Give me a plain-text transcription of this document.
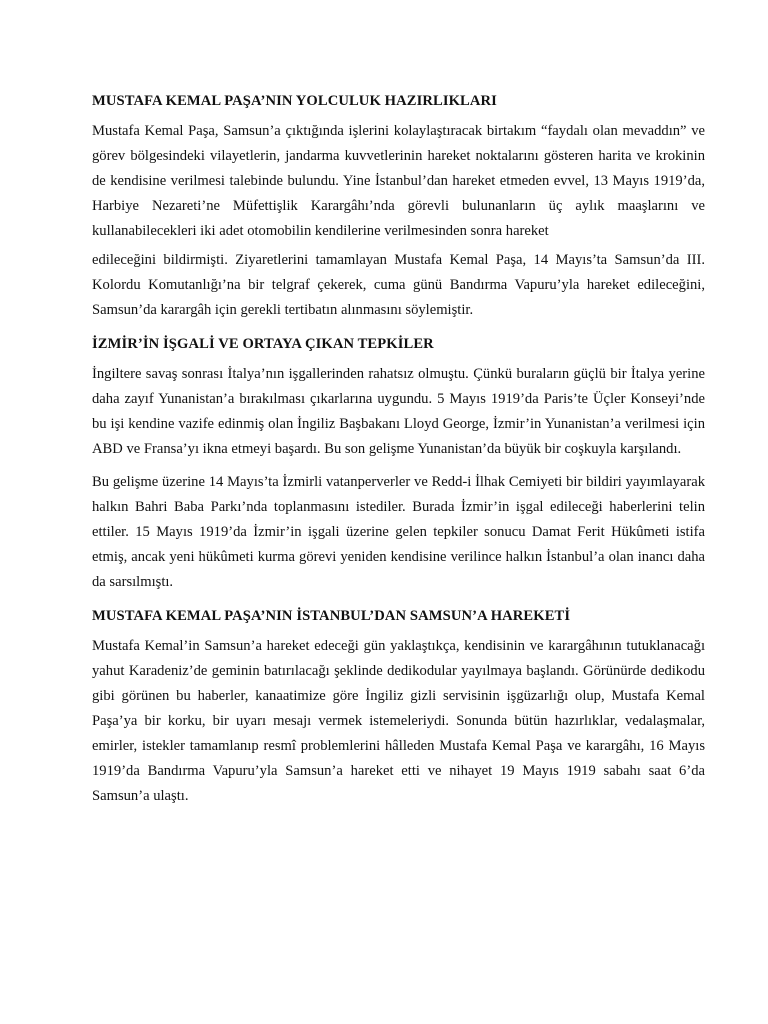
MUSTAFA KEMAL PAŞA’NIN YOLCULUK HAZIRLIKLARI

Mustafa Kemal Paşa, Samsun’a çıktığında işlerini kolaylaştıracak birtakım “faydalı olan mevaddın” ve görev bölgesindeki vilayetlerin, jandarma kuvvetlerinin hareket noktalarını gösteren harita ve krokinin de kendisine verilmesi talebinde bulundu. Yine İstanbul’dan hareket etmeden evvel, 13 Mayıs 1919’da, Harbiye Nezareti’ne Müfettişlik Karargâhı’nda görevli bulunanların üç aylık maaşlarını ve kullanabilecekleri iki adet otomobilin kendilerine verilmesinden sonra hareket

edileceğini bildirmişti. Ziyaretlerini tamamlayan Mustafa Kemal Paşa, 14 Mayıs’ta Samsun’da III. Kolordu Komutanlığı’na bir telgraf çekerek, cuma günü Bandırma Vapuru’yla hareket edileceğini, Samsun’da karargâh için gerekli tertibatın alınmasını söylemiştir.

İZMİR’İN İŞGALİ VE ORTAYA ÇIKAN TEPKİLER

İngiltere savaş sonrası İtalya’nın işgallerinden rahatsız olmuştu. Çünkü buraların güçlü bir İtalya yerine daha zayıf Yunanistan’a bırakılması çıkarlarına uygundu. 5 Mayıs 1919’da Paris’te Üçler Konseyi’nde bu işi kendine vazife edinmiş olan İngiliz Başbakanı Lloyd George, İzmir’in Yunanistan’a verilmesi için ABD ve Fransa’yı ikna etmeyi başardı. Bu son gelişme Yunanistan’da büyük bir coşkuyla karşılandı.

Bu gelişme üzerine 14 Mayıs’ta İzmirli vatanperverler ve Redd-i İlhak Cemiyeti bir bildiri yayımlayarak halkın Bahri Baba Parkı’nda toplanmasını istediler. Burada İzmir’in işgal edileceği haberlerini telin ettiler. 15 Mayıs 1919’da İzmir’in işgali üzerine gelen tepkiler sonucu Damat Ferit Hükûmeti istifa etmiş, ancak yeni hükûmeti kurma görevi yeniden kendisine verilince halkın İstanbul’a olan inancı daha da sarsılmıştı.

MUSTAFA KEMAL PAŞA’NIN İSTANBUL’DAN SAMSUN’A HAREKETİ

Mustafa Kemal’in Samsun’a hareket edeceği gün yaklaştıkça, kendisinin ve karargâhının tutuklanacağı yahut Karadeniz’de geminin batırılacağı şeklinde dedikodular yayılmaya başlandı. Görünürde dedikodu gibi görünen bu haberler, kanaatimize göre İngiliz gizli servisinin işgüzarlığı olup, Mustafa Kemal Paşa’ya bir korku, bir uyarı mesajı vermek istemeleriydi. Sonunda bütün hazırlıklar, vedalaşmalar, emirler, istekler tamamlanıp resmî problemlerini hâlleden Mustafa Kemal Paşa ve karargâhı, 16 Mayıs 1919’da Bandırma Vapuru’yla Samsun’a hareket etti ve nihayet 19 Mayıs 1919 sabahı saat 6’da Samsun’a ulaştı.
